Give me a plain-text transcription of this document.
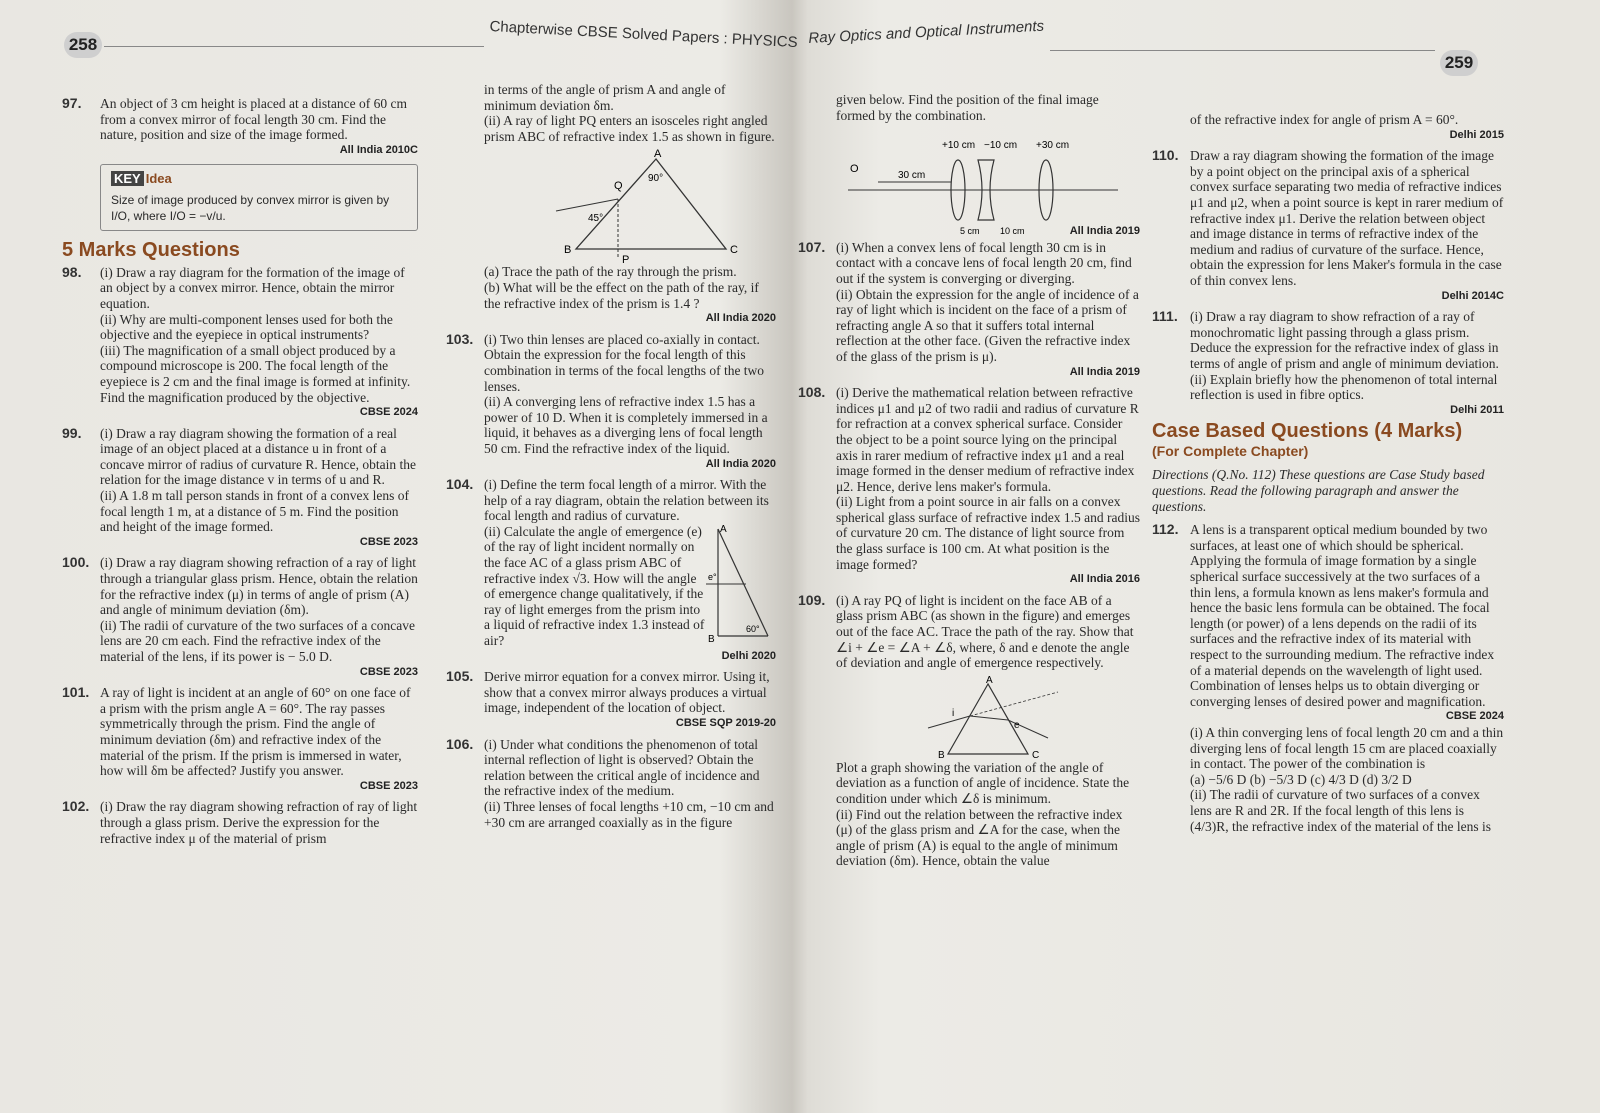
258	Chapterwise CBSE Solved Papers : PHYSICS Ray Optics and Optical Instruments
259
97. An object of 3 cm height is placed at a distance of 60 cm from a convex mirror of focal length 30 cm. Find the nature, position and size of the image formed.
All India 2010C
KEY Idea
Size of image produced by convex mirror is given by I/O, where I/O = −v/u.
5 Marks Questions
98. (i) Draw a ray diagram for the formation of the image of an object by a convex mirror. Hence, obtain the mirror equation.
(ii) Why are multi-component lenses used for both the objective and the eyepiece in optical instruments?
(iii) The magnification of a small object produced by a compound microscope is 200. The focal length of the eyepiece is 2 cm and the final image is formed at infinity. Find the magnification produced by the objective.
CBSE 2024
99. (i) Draw a ray diagram showing the formation of a real image of an object placed at a distance u in front of a concave mirror of radius of curvature R. Hence, obtain the relation for the image distance v in terms of u and R.
(ii) A 1.8 m tall person stands in front of a convex lens of focal length 1 m, at a distance of 5 m. Find the position and height of the image formed.
CBSE 2023
100. (i) Draw a ray diagram showing refraction of a ray of light through a triangular glass prism. Hence, obtain the relation for the refractive index (μ) in terms of angle of prism (A) and angle of minimum deviation (δm).
(ii) The radii of curvature of the two surfaces of a concave lens are 20 cm each. Find the refractive index of the material of the lens, if its power is − 5.0 D.
CBSE 2023
101. A ray of light is incident at an angle of 60° on one face of a prism with the prism angle A = 60°. The ray passes symmetrically through the prism. Find the angle of minimum deviation (δm) and refractive index of the material of the prism. If the prism is immersed in water, how will δm be affected? Justify you answer.
CBSE 2023
102. (i) Draw the ray diagram showing refraction of ray of light through a glass prism. Derive the expression for the refractive index μ of the material of prism
in terms of the angle of prism A and angle of minimum deviation δm.
(ii) A ray of light PQ enters an isosceles right angled prism ABC of refractive index 1.5 as shown in figure.
A
B	C
Q
P
90°
45°
(a) Trace the path of the ray through the prism.
(b) What will be the effect on the path of the ray, if the refractive index of the prism is 1.4 ?
All India 2020
103. (i) Two thin lenses are placed co-axially in contact. Obtain the expression for the focal length of this combination in terms of the focal lengths of the two lenses.
(ii) A converging lens of refractive index 1.5 has a power of 10 D. When it is completely immersed in a liquid, it behaves as a diverging lens of focal length 50 cm. Find the refractive index of the liquid.
All India 2020
104. (i) Define the term focal length of a mirror. With the help of a ray diagram, obtain the relation between its focal length and radius of curvature.
(ii) Calculate the angle of emergence (e) of the ray of light incident normally on the face AC of a glass prism ABC of refractive index √3. How will the angle of emergence change qualitatively, if the ray of light emerges from the prism into a liquid of refractive index 1.3 instead of air?
A
B
e°
60°
Delhi 2020
105. Derive mirror equation for a convex mirror. Using it, show that a convex mirror always produces a virtual image, independent of the location of object.
CBSE SQP 2019-20
106. (i) Under what conditions the phenomenon of total internal reflection of light is observed? Obtain the relation between the critical angle of incidence and the refractive index of the medium.
(ii) Three lenses of focal lengths +10 cm, −10 cm and +30 cm are arranged coaxially as in the figure
given below. Find the position of the final image formed by the combination.
+10 cm −10 cm +30 cm
O
30 cm
5 cm 10 cm	All India 2019
107. (i) When a convex lens of focal length 30 cm is in contact with a concave lens of focal length 20 cm, find out if the system is converging or diverging.
(ii) Obtain the expression for the angle of incidence of a ray of light which is incident on the face of a prism of refracting angle A so that it suffers total internal reflection at the other face. (Given the refractive index of the glass of the prism is μ).
All India 2019
108. (i) Derive the mathematical relation between refractive indices μ1 and μ2 of two radii and radius of curvature R for refraction at a convex spherical surface. Consider the object to be a point source lying on the principal axis in rarer medium of refractive index μ1 and a real image formed in the denser medium of refractive index μ2. Hence, derive lens maker's formula.
(ii) Light from a point source in air falls on a convex spherical glass surface of refractive index 1.5 and radius of curvature 20 cm. The distance of light source from the glass surface is 100 cm. At what position is the image formed?
All India 2016
109. (i) A ray PQ of light is incident on the face AB of a glass prism ABC (as shown in the figure) and emerges out of the face AC. Trace the path of the ray. Show that ∠i + ∠e = ∠A + ∠δ, where, δ and e denote the angle of deviation and angle of emergence respectively.
A
B	C
i
e
Plot a graph showing the variation of the angle of deviation as a function of angle of incidence. State the condition under which ∠δ is minimum.
(ii) Find out the relation between the refractive index (μ) of the glass prism and ∠A for the case, when the angle of prism (A) is equal to the angle of minimum deviation (δm). Hence, obtain the value
of the refractive index for angle of prism A = 60°.
Delhi 2015
110. Draw a ray diagram showing the formation of the image by a point object on the principal axis of a spherical convex surface separating two media of refractive indices μ1 and μ2, when a point source is kept in rarer medium of refractive index μ1. Derive the relation between object and image distance in terms of refractive index of the medium and radius of curvature of the surface. Hence, obtain the expression for lens Maker's formula in the case of thin convex lens.
Delhi 2014C
111. (i) Draw a ray diagram to show refraction of a ray of monochromatic light passing through a glass prism. Deduce the expression for the refractive index of glass in terms of angle of prism and angle of minimum deviation.
(ii) Explain briefly how the phenomenon of total internal reflection is used in fibre optics.
Delhi 2011
Case Based Questions (4 Marks)
(For Complete Chapter)
Directions (Q.No. 112) These questions are Case Study based questions. Read the following paragraph and answer the questions.
112. A lens is a transparent optical medium bounded by two surfaces, at least one of which should be spherical. Applying the formula of image formation by a single spherical surface successively at the two surfaces of a thin lens, a formula known as lens maker's formula and hence the basic lens formula can be obtained. The focal length (or power) of a lens depends on the radii of its surfaces and the refractive index of its material with respect to the surrounding medium. The refractive index of a material depends on the wavelength of light used. Combination of lenses helps us to obtain diverging or converging lenses of desired power and magnification.
CBSE 2024
(i) A thin converging lens of focal length 20 cm and a thin diverging lens of focal length 15 cm are placed coaxially in contact. The power of the combination is
(a) −5/6 D (b) −5/3 D (c) 4/3 D (d) 3/2 D
(ii) The radii of curvature of two surfaces of a convex lens are R and 2R. If the focal length of this lens is (4/3)R, the refractive index of the material of the lens is
